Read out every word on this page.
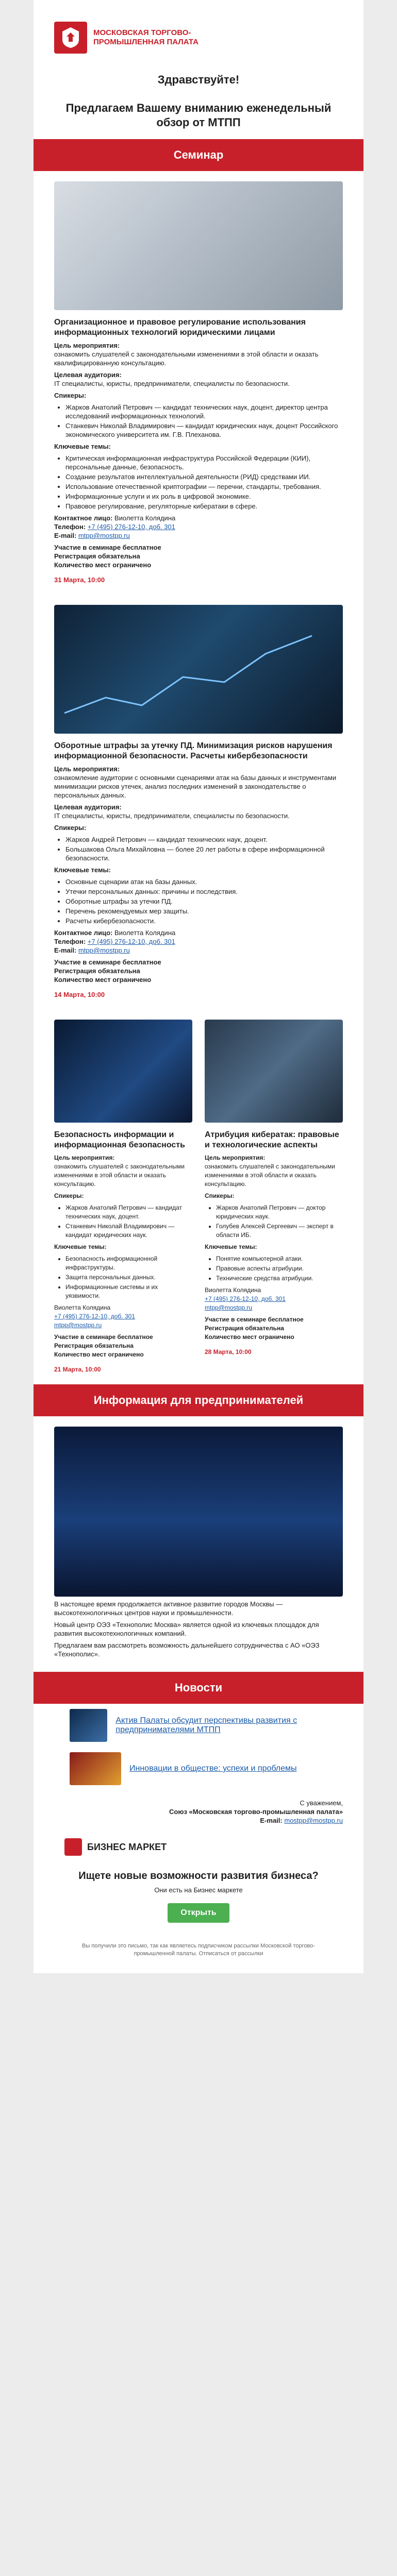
МОСКОВСКАЯ ТОРГОВО-ПРОМЫШЛЕННАЯ ПАЛАТА
Здравствуйте!
Предлагаем Вашему вниманию еженедельный обзор от МТПП
Семинар
Организационное и правовое регулирование использования информационных технологий юридическими лицами

Цель мероприятия:
ознакомить слушателей с законодательными изменениями в этой области и оказать квалифицированную консультацию.

Целевая аудитория:
IT специалисты, юристы, предприниматели, специалисты по безопасности.

Спикеры:

• Жарков Анатолий Петрович — кандидат технических наук, доцент, директор центра исследований информационных технологий.
• Станкевич Николай Владимирович — кандидат юридических наук, доцент Российского экономического университета им. Г.В. Плеханова.

Ключевые темы:

• Критическая информационная инфраструктура Российской Федерации (КИИ), персональные данные, безопасность.
• Создание результатов интеллектуальной деятельности (РИД) средствами ИИ.
• Использование отечественной криптографии — перечни, стандарты, требования.
• Информационные услуги и их роль в цифровой экономике.
• Правовое регулирование, регуляторные кибератаки в сфере.

Контактное лицо: Виолетта Колядина
Телефон: +7 (495) 276-12-10, доб. 301
E-mail: mtpp@mostpp.ru

Участие в семинаре бесплатное
Регистрация обязательна
Количество мест ограничено

31 Марта, 10:00
Оборотные штрафы за утечку ПД. Минимизация рисков нарушения информационной безопасности. Расчеты кибербезопасности

Цель мероприятия:
ознакомление аудитории с основными сценариями атак на базы данных и инструментами минимизации рисков утечек, анализ последних изменений в законодательстве о персональных данных.

Целевая аудитория:
IT специалисты, юристы, предприниматели, специалисты по безопасности.

Спикеры:

• Жарков Андрей Петрович — кандидат технических наук, доцент.
• Большакова Ольга Михайловна — более 20 лет работы в сфере информационной безопасности.

Ключевые темы:

• Основные сценарии атак на базы данных.
• Утечки персональных данных: причины и последствия.
• Оборотные штрафы за утечки ПД.
• Перечень рекомендуемых мер защиты.
• Расчеты кибербезопасности.

Контактное лицо: Виолетта Колядина
Телефон: +7 (495) 276-12-10, доб. 301
E-mail: mtpp@mostpp.ru

Участие в семинаре бесплатное
Регистрация обязательна
Количество мест ограничено

14 Марта, 10:00
Безопасность информации и информационная безопасность

Цель мероприятия:
ознакомить слушателей с законодательными изменениями в этой области и оказать консультацию.

Спикеры:

• Жарков Анатолий Петрович — кандидат технических наук, доцент.
• Станкевич Николай Владимирович — кандидат юридических наук.

Ключевые темы:

• Безопасность информационной инфраструктуры.
• Защита персональных данных.
• Информационные системы и их уязвимости.

Виолетта Колядина
+7 (495) 276-12-10, доб. 301
mtpp@mostpp.ru

Участие в семинаре бесплатное
Регистрация обязательна
Количество мест ограничено

21 Марта, 10:00
Атрибуция кибератак: правовые и технологические аспекты

Цель мероприятия:
ознакомить слушателей с законодательными изменениями в этой области и оказать консультацию.

Спикеры:

• Жарков Анатолий Петрович — доктор юридических наук.
• Голубев Алексей Сергеевич — эксперт в области ИБ.

Ключевые темы:

• Понятие компьютерной атаки.
• Правовые аспекты атрибуции.
• Технические средства атрибуции.

Виолетта Колядина
+7 (495) 276-12-10, доб. 301
mtpp@mostpp.ru

Участие в семинаре бесплатное
Регистрация обязательна
Количество мест ограничено

28 Марта, 10:00
Информация для предпринимателей

В настоящее время продолжается активное развитие городов Москвы — высокотехнологичных центров науки и промышленности.

Новый центр ОЭЗ «Технополис Москва» является одной из ключевых площадок для развития высокотехнологичных компаний.

Предлагаем вам рассмотреть возможность дальнейшего сотрудничества с АО «ОЭЗ «Технополис».

Новости
Актив Палаты обсудит перспективы развития с предпринимателями МТПП
Инновации в обществе: успехи и проблемы
С уважением,
Союз «Московская торгово-промышленная палата»
E-mail: mostpp@mostpp.ru
БИЗНЕС МАРКЕТ
Ищете новые возможности развития бизнеса?
Они есть на Бизнес маркете
Открыть
Вы получили это письмо, так как являетесь подписчиком рассылки Московской торгово-промышленной палаты. Отписаться от рассылки
